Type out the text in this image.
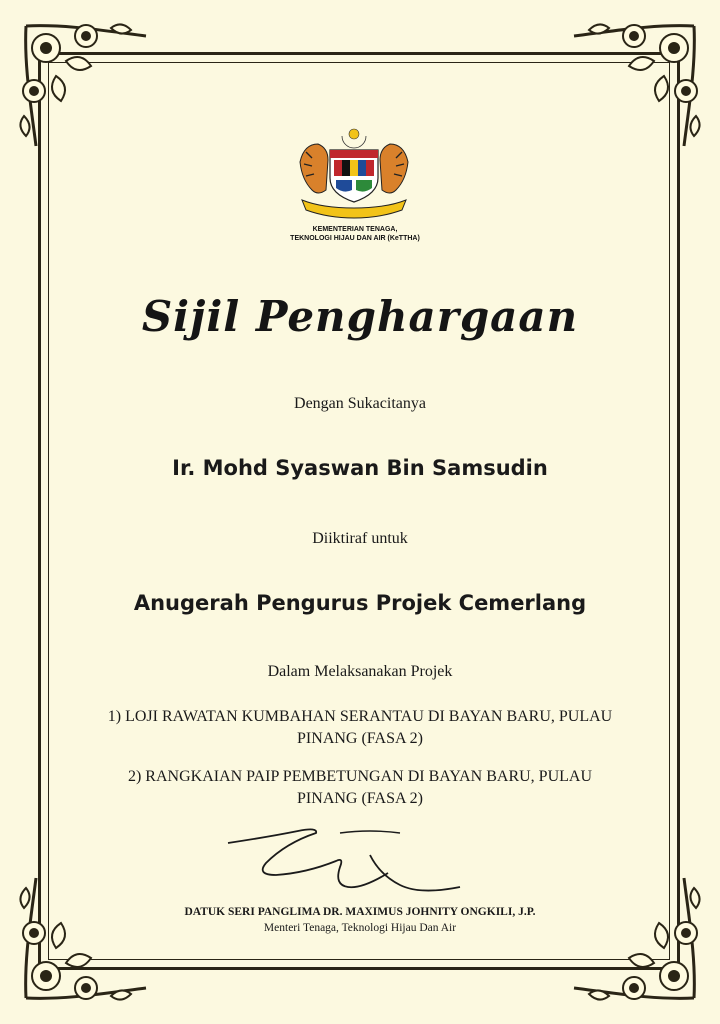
KEMENTERIAN TENAGA,
TEKNOLOGI HIJAU DAN AIR (KeTTHA)
Sijil Penghargaan
Dengan Sukacitanya
Ir. Mohd Syaswan Bin Samsudin
Diiktiraf untuk
Anugerah Pengurus Projek Cemerlang
Dalam Melaksanakan Projek
1) LOJI RAWATAN KUMBAHAN SERANTAU DI BAYAN BARU, PULAU
PINANG (FASA 2)
2) RANGKAIAN PAIP PEMBETUNGAN DI BAYAN BARU, PULAU
PINANG (FASA 2)
DATUK SERI PANGLIMA DR. MAXIMUS JOHNITY ONGKILI, J.P.
Menteri Tenaga, Teknologi Hijau Dan Air
